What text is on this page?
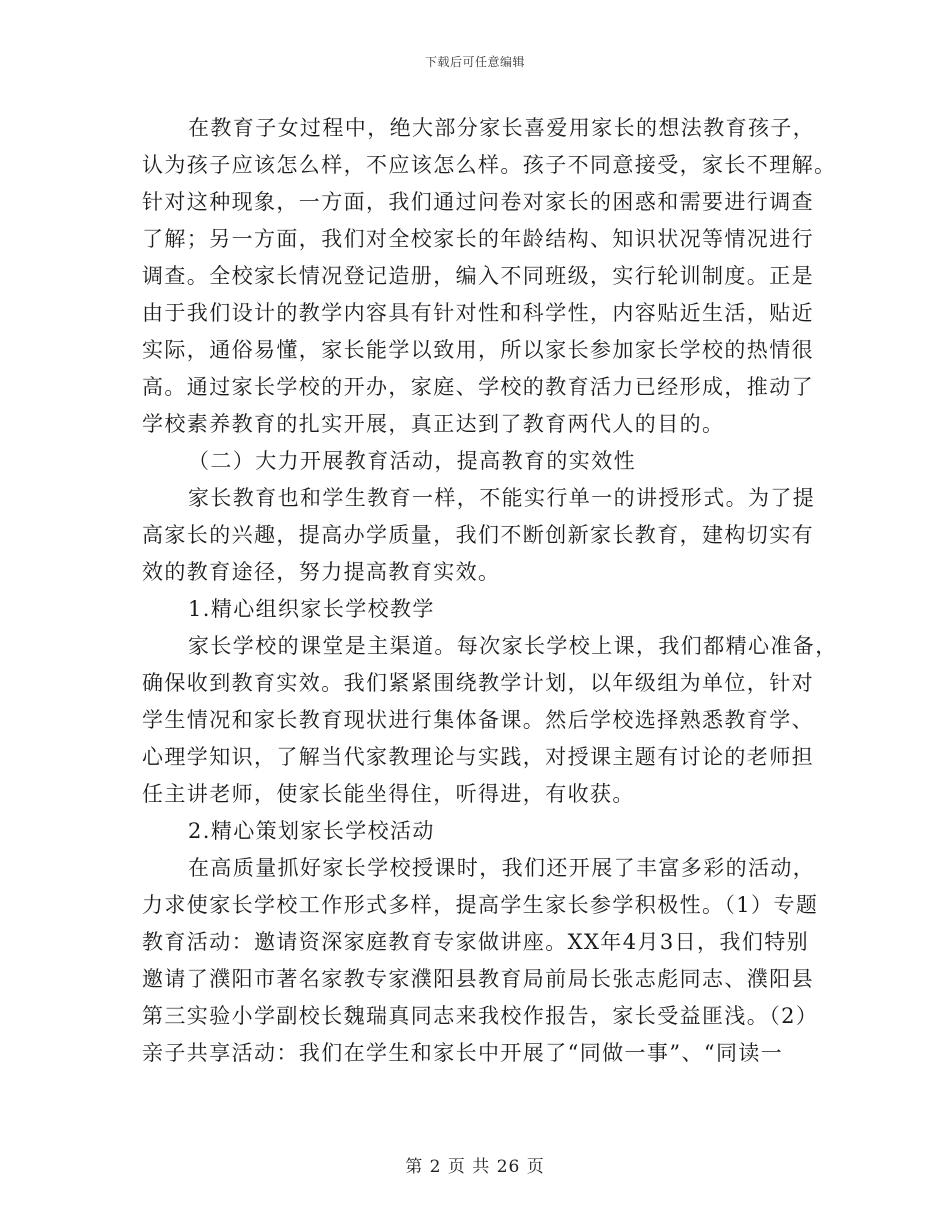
下载后可任意编辑
在教育子女过程中，绝大部分家长喜爱用家长的想法教育孩子，
认为孩子应该怎么样，不应该怎么样。孩子不同意接受，家长不理解。
针对这种现象，一方面，我们通过问卷对家长的困惑和需要进行调查
了解；另一方面，我们对全校家长的年龄结构、知识状况等情况进行
调查。全校家长情况登记造册，编入不同班级，实行轮训制度。正是
由于我们设计的教学内容具有针对性和科学性，内容贴近生活，贴近
实际，通俗易懂，家长能学以致用，所以家长参加家长学校的热情很
高。通过家长学校的开办，家庭、学校的教育活力已经形成，推动了
学校素养教育的扎实开展，真正达到了教育两代人的目的。
（二）大力开展教育活动，提高教育的实效性
家长教育也和学生教育一样，不能实行单一的讲授形式。为了提
高家长的兴趣，提高办学质量，我们不断创新家长教育，建构切实有
效的教育途径，努力提高教育实效。
1.精心组织家长学校教学
家长学校的课堂是主渠道。每次家长学校上课，我们都精心准备，
确保收到教育实效。我们紧紧围绕教学计划，以年级组为单位，针对
学生情况和家长教育现状进行集体备课。然后学校选择熟悉教育学、
心理学知识，了解当代家教理论与实践，对授课主题有讨论的老师担
任主讲老师，使家长能坐得住，听得进，有收获。
2.精心策划家长学校活动
在高质量抓好家长学校授课时，我们还开展了丰富多彩的活动，
力求使家长学校工作形式多样，提高学生家长参学积极性。（1）专题
教育活动：邀请资深家庭教育专家做讲座。XX年4月3日，我们特别
邀请了濮阳市著名家教专家濮阳县教育局前局长张志彪同志、濮阳县
第三实验小学副校长魏瑞真同志来我校作报告，家长受益匪浅。（2）
亲子共享活动：我们在学生和家长中开展了“同做一事”、“同读一
第 2 页 共 26 页
